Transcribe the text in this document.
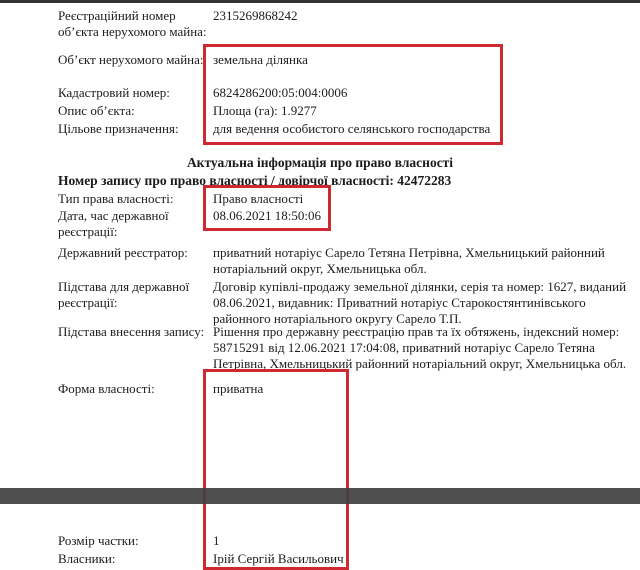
Реєстраційний номер об’єкта нерухомого майна:
2315269868242
Об’єкт нерухомого майна: земельна ділянка
Кадастровий номер:	6824286200:05:004:0006
Опис об’єкта:	Площа (га): 1.9277
Цільове призначення:	для ведення особистого селянського господарства
Актуальна інформація про право власності
Номер запису про право власності / довірчої власності: 42472283
Тип права власності:	Право власності
Дата, час державної реєстрації:
08.06.2021 18:50:06
Державний реєстратор:	приватний нотаріус Сарело Тетяна Петрівна, Хмельницький районний нотаріальний округ, Хмельницька обл.
Підстава для державної реєстрації:
Договір купівлі-продажу земельної ділянки, серія та номер: 1627, виданий 08.06.2021, видавник: Приватний нотаріус Старокостянтинівського районного нотаріального округу Сарело Т.П.
Підстава внесення запису: Рішення про державну реєстрацію прав та їх обтяжень, індексний номер: 58715291 від 12.06.2021 17:04:08, приватний нотаріус Сарело Тетяна Петрівна, Хмельницький районний нотаріальний округ, Хмельницька обл.
Форма власності:	приватна
Розмір частки:	1
Власники:	Ірій Сергій Васильович
